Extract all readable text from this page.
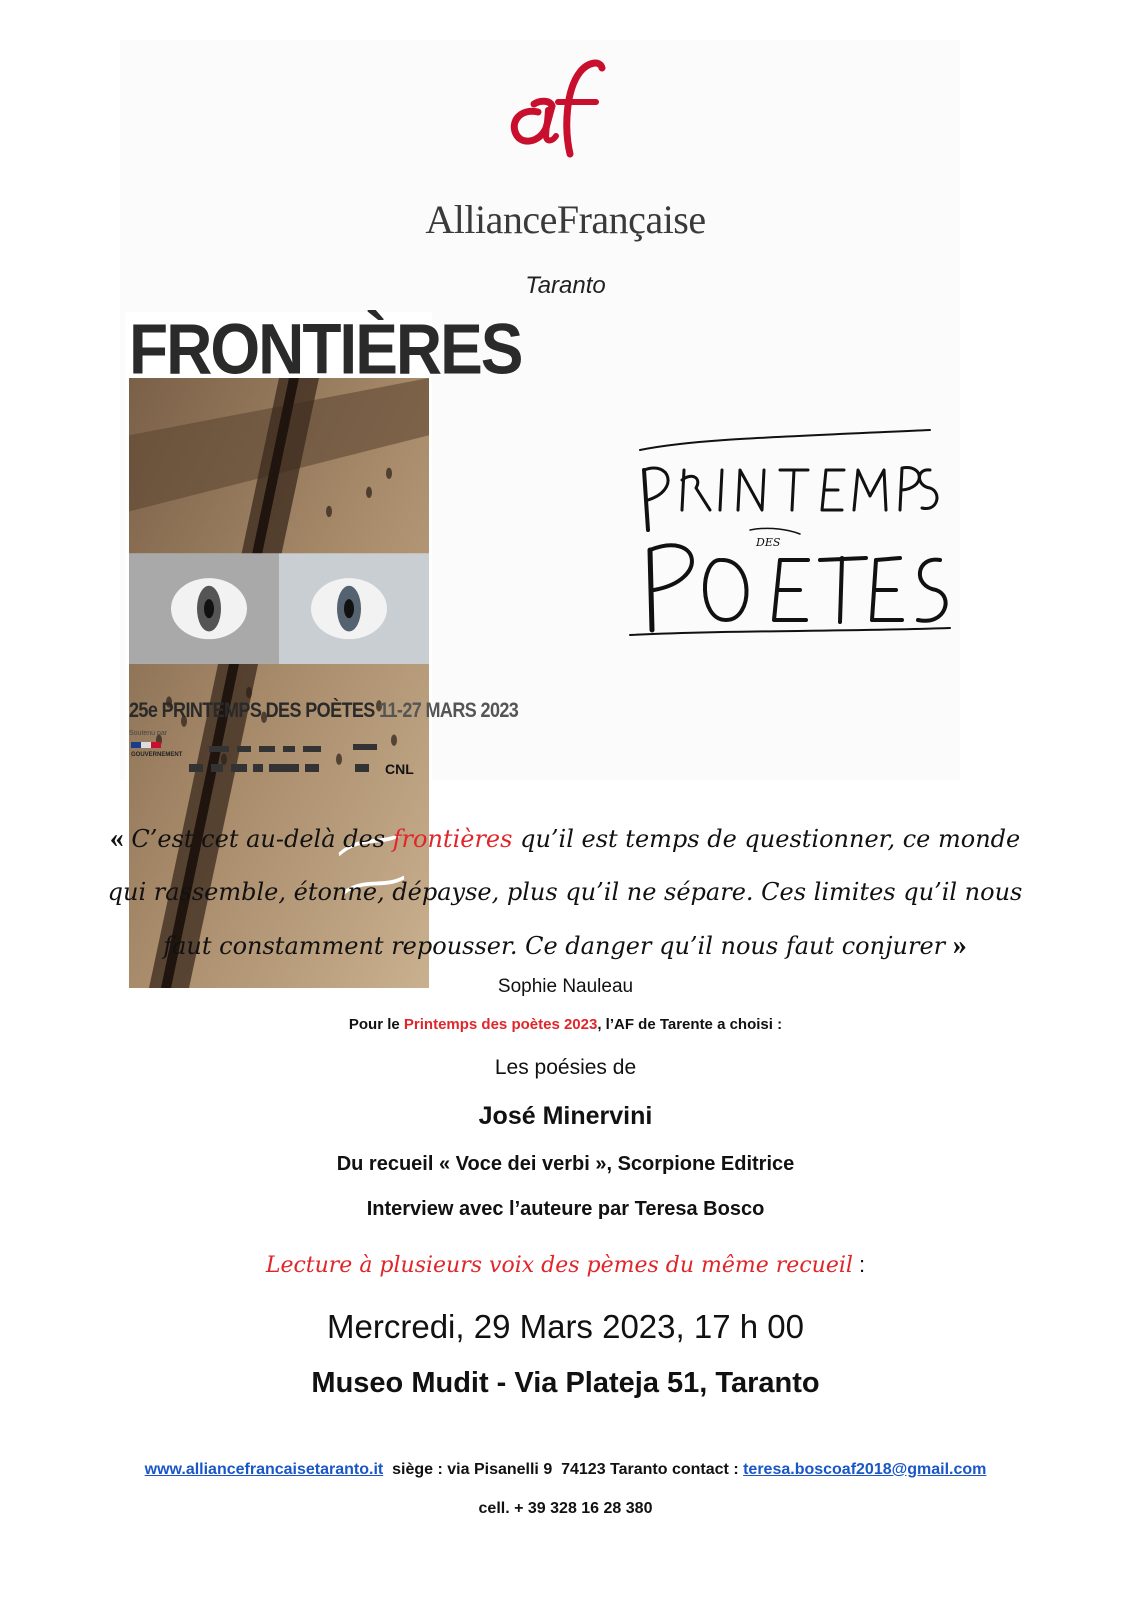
AllianceFrançaise
Taranto
FRONTIÈRES
25e PRINTEMPS DES POÈTES 11-27 MARS 2023
Soutenu par
GOUVERNEMENT
CNL
DES
« C’est cet au-delà des frontières qu’il est temps de questionner, ce monde qui rassemble, étonne, dépayse, plus qu’il ne sépare. Ces limites qu’il nous faut constamment repousser. Ce danger qu’il nous faut conjurer »
Sophie Nauleau
Pour le Printemps des poètes 2023, l’AF de Tarente a choisi :
Les poésies de
José Minervini
Du recueil « Voce dei verbi », Scorpione Editrice
Interview avec l’auteure par Teresa Bosco
Lecture à plusieurs voix des pèmes du même recueil :
Mercredi, 29 Mars 2023, 17 h 00
Museo Mudit - Via Plateja 51, Taranto
www.alliancefrancaisetaranto.it  siège : via Pisanelli 9  74123 Taranto contact : teresa.boscoaf2018@gmail.com
cell. + 39 328 16 28 380
